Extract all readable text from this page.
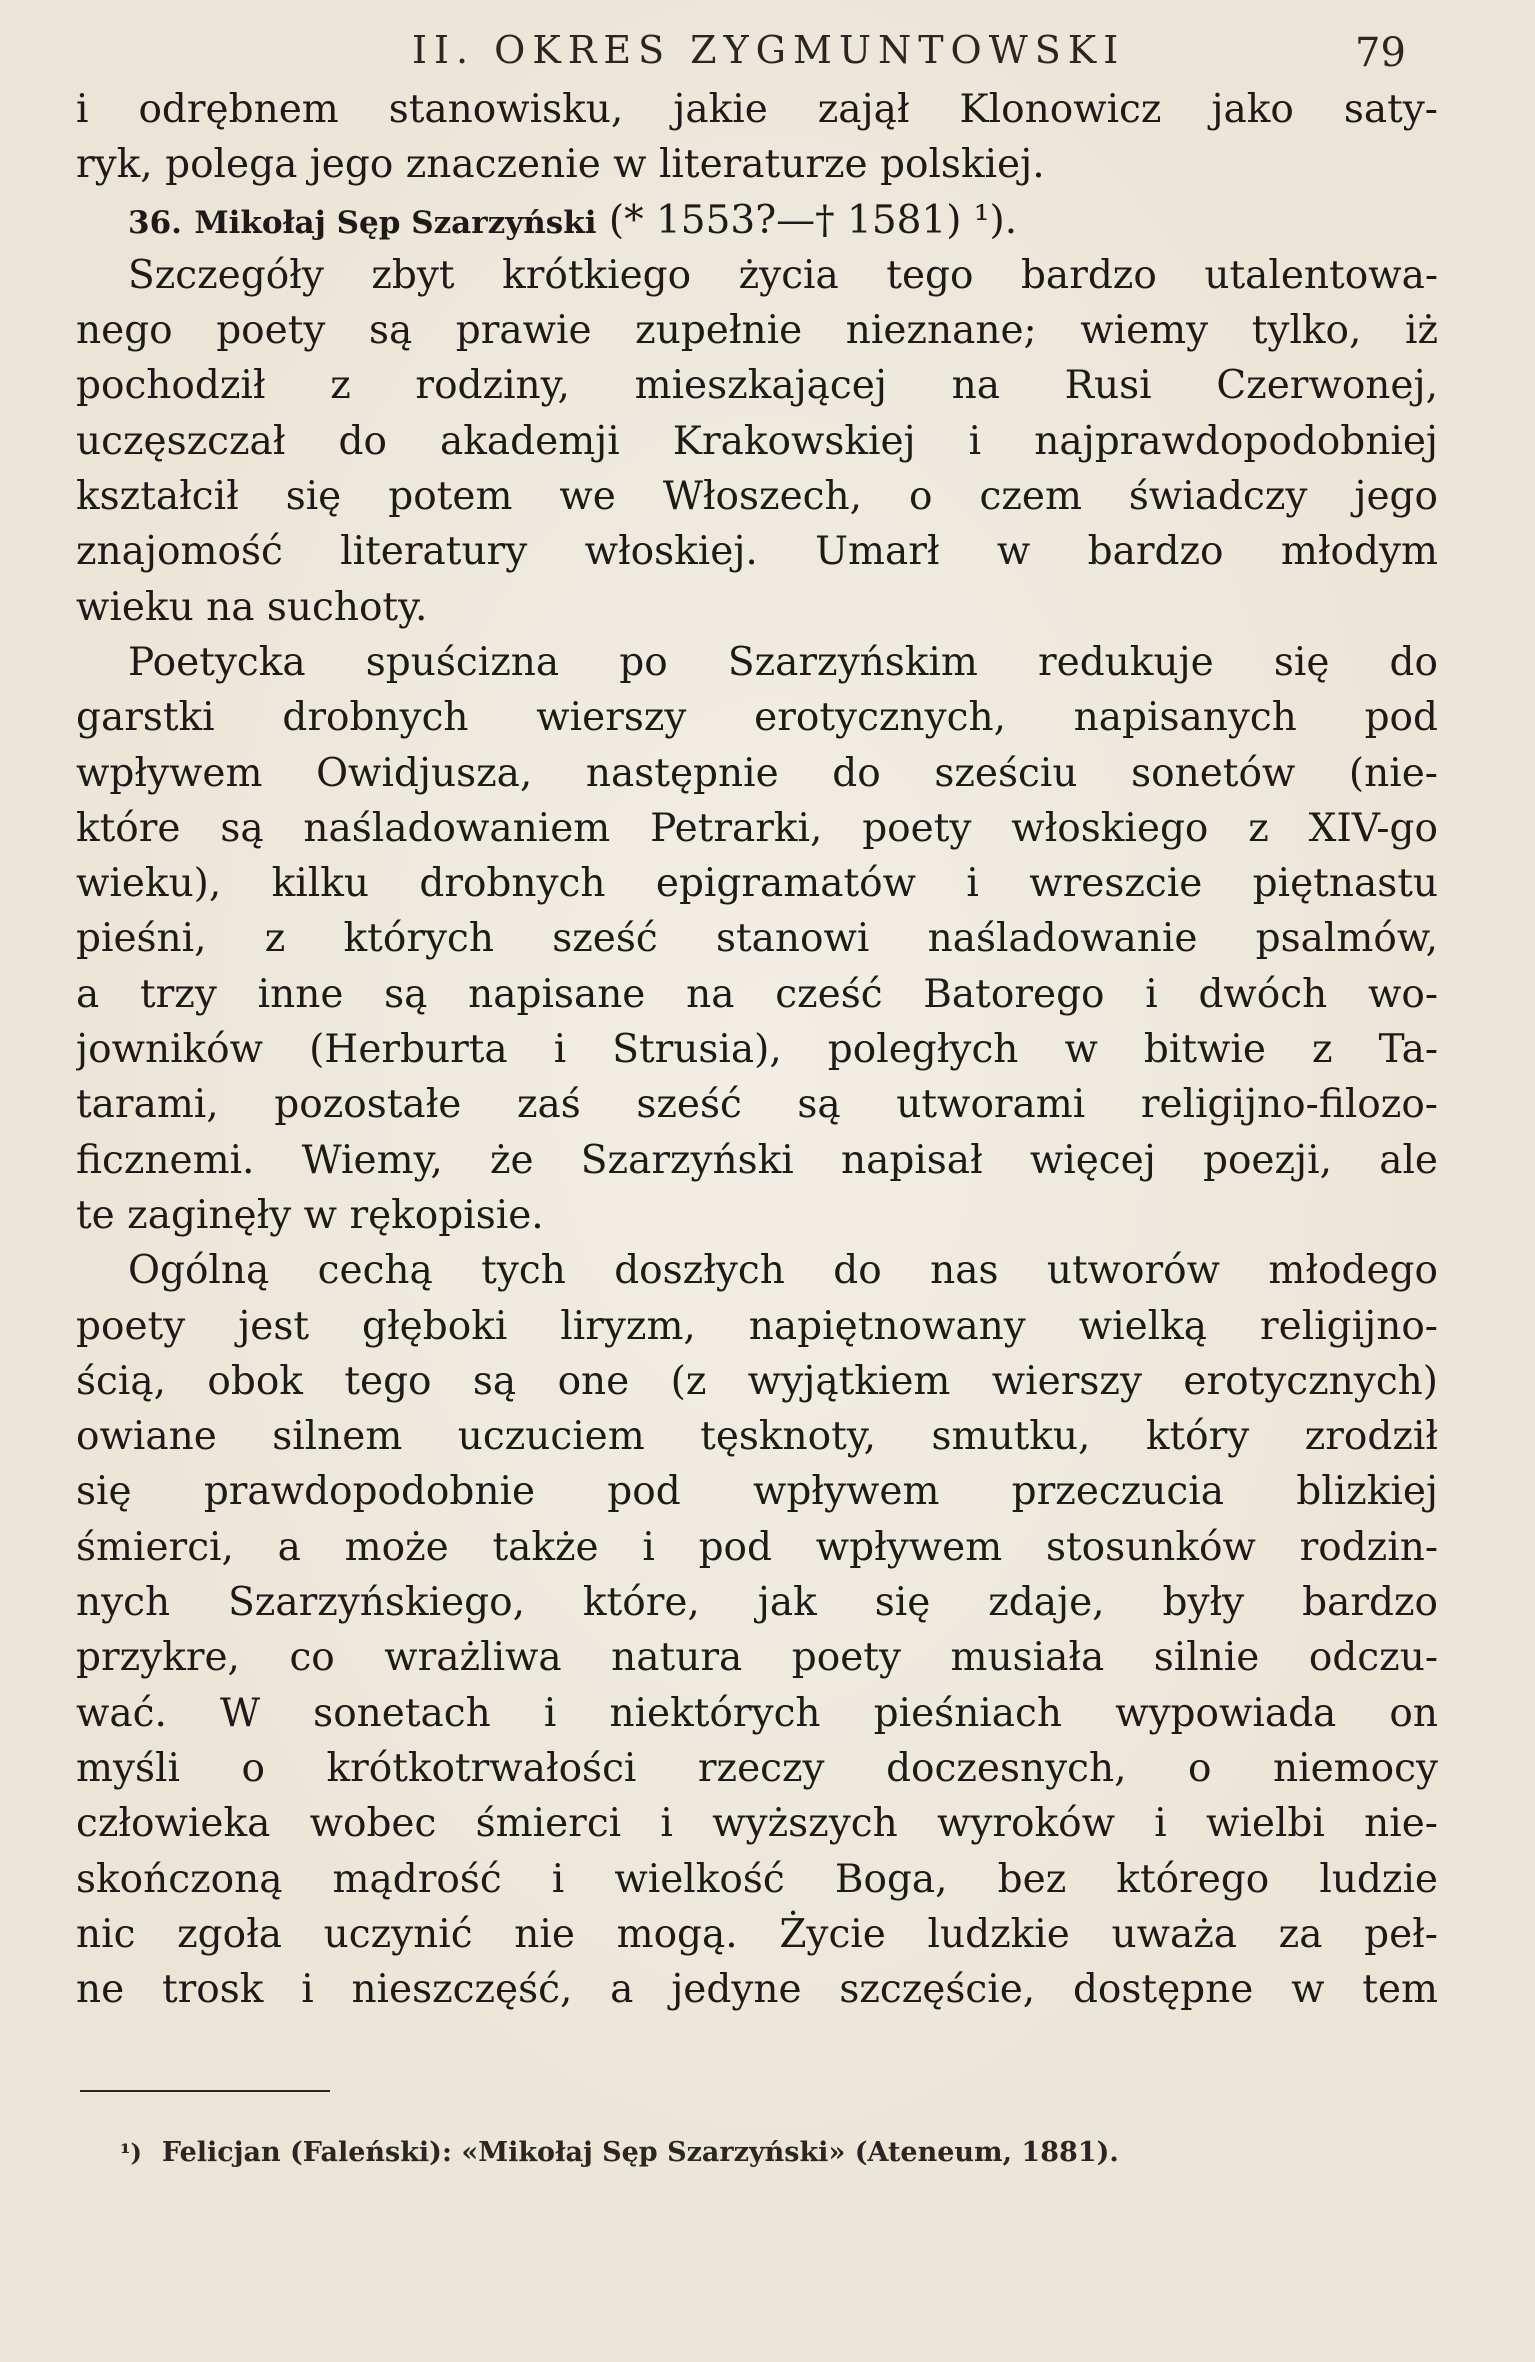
II. OKRES ZYGMUNTOWSKI	79
i odrębnem stanowisku, jakie zajął Klonowicz jako saty-
ryk, polega jego znaczenie w literaturze polskiej.
36. Mikołaj Sęp Szarzyński (* 1553?—† 1581) ¹).
Szczegóły zbyt krótkiego życia tego bardzo utalentowa-
nego poety są prawie zupełnie nieznane; wiemy tylko, iż
pochodził z rodziny, mieszkającej na Rusi Czerwonej,
uczęszczał do akademji Krakowskiej i najprawdopodobniej
kształcił się potem we Włoszech, o czem świadczy jego
znajomość literatury włoskiej. Umarł w bardzo młodym
wieku na suchoty.
Poetycka spuścizna po Szarzyńskim redukuje się do
garstki drobnych wierszy erotycznych, napisanych pod
wpływem Owidjusza, następnie do sześciu sonetów (nie-
które są naśladowaniem Petrarki, poety włoskiego z XIV-go
wieku), kilku drobnych epigramatów i wreszcie piętnastu
pieśni, z których sześć stanowi naśladowanie psalmów,
a trzy inne są napisane na cześć Batorego i dwóch wo-
jowników (Herburta i Strusia), poległych w bitwie z Ta-
tarami, pozostałe zaś sześć są utworami religijno-filozo-
ficznemi. Wiemy, że Szarzyński napisał więcej poezji, ale
te zaginęły w rękopisie.
Ogólną cechą tych doszłych do nas utworów młodego
poety jest głęboki liryzm, napiętnowany wielką religijno-
ścią, obok tego są one (z wyjątkiem wierszy erotycznych)
owiane silnem uczuciem tęsknoty, smutku, który zrodził
się prawdopodobnie pod wpływem przeczucia blizkiej
śmierci, a może także i pod wpływem stosunków rodzin-
nych Szarzyńskiego, które, jak się zdaje, były bardzo
przykre, co wrażliwa natura poety musiała silnie odczu-
wać. W sonetach i niektórych pieśniach wypowiada on
myśli o krótkotrwałości rzeczy doczesnych, o niemocy
człowieka wobec śmierci i wyższych wyroków i wielbi nie-
skończoną mądrość i wielkość Boga, bez którego ludzie
nic zgoła uczynić nie mogą. Życie ludzkie uważa za peł-
ne trosk i nieszczęść, a jedyne szczęście, dostępne w tem
¹) Felicjan (Faleński): «Mikołaj Sęp Szarzyński» (Ateneum, 1881).
